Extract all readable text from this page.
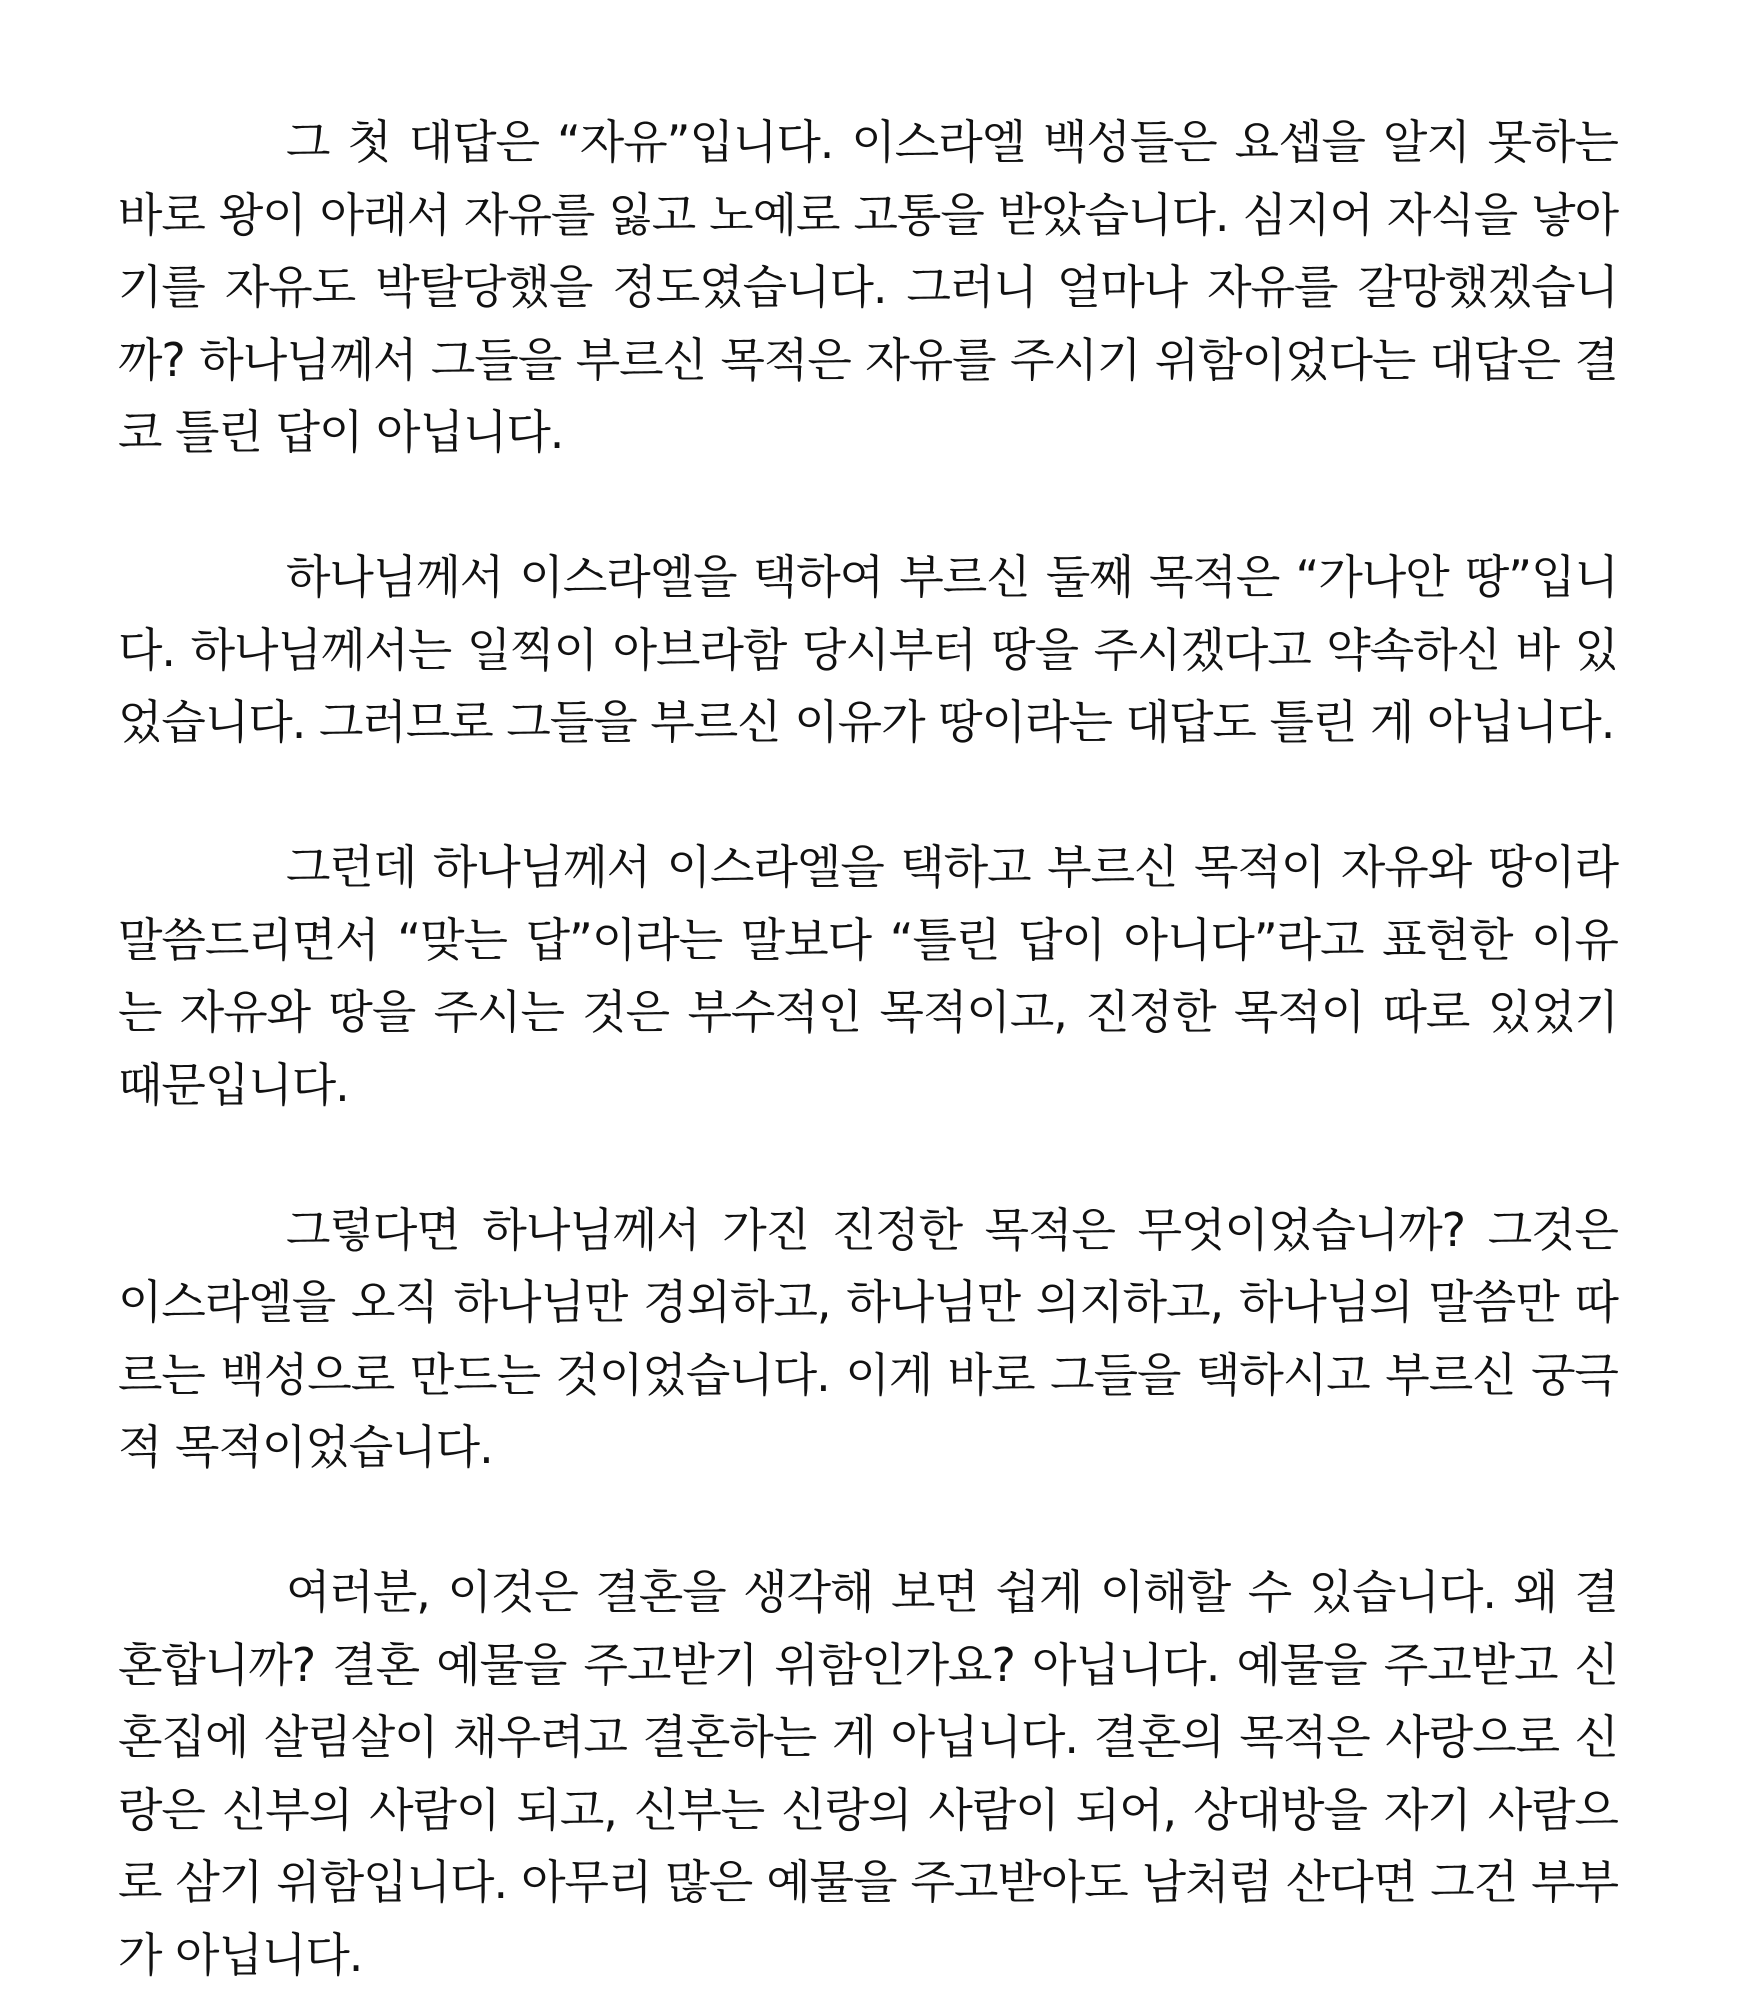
그 첫 대답은 “자유”입니다. 이스라엘 백성들은 요셉을 알지 못하는 바로 왕이 아래서 자유를 잃고 노예로 고통을 받았습니다. 심지어 자식을 낳아 기를 자유도 박탈당했을 정도였습니다. 그러니 얼마나 자유를 갈망했겠습니까? 하나님께서 그들을 부르신 목적은 자유를 주시기 위함이었다는 대답은 결코 틀린 답이 아닙니다.

하나님께서 이스라엘을 택하여 부르신 둘째 목적은 “가나안 땅”입니다. 하나님께서는 일찍이 아브라함 당시부터 땅을 주시겠다고 약속하신 바 있었습니다. 그러므로 그들을 부르신 이유가 땅이라는 대답도 틀린 게 아닙니다.

그런데 하나님께서 이스라엘을 택하고 부르신 목적이 자유와 땅이라 말씀드리면서 “맞는 답”이라는 말보다 “틀린 답이 아니다”라고 표현한 이유는 자유와 땅을 주시는 것은 부수적인 목적이고, 진정한 목적이 따로 있었기 때문입니다.

그렇다면 하나님께서 가진 진정한 목적은 무엇이었습니까? 그것은 이스라엘을 오직 하나님만 경외하고, 하나님만 의지하고, 하나님의 말씀만 따르는 백성으로 만드는 것이었습니다. 이게 바로 그들을 택하시고 부르신 궁극적 목적이었습니다.

여러분, 이것은 결혼을 생각해 보면 쉽게 이해할 수 있습니다. 왜 결혼합니까? 결혼 예물을 주고받기 위함인가요? 아닙니다. 예물을 주고받고 신혼집에 살림살이 채우려고 결혼하는 게 아닙니다. 결혼의 목적은 사랑으로 신랑은 신부의 사람이 되고, 신부는 신랑의 사람이 되어, 상대방을 자기 사람으로 삼기 위함입니다. 아무리 많은 예물을 주고받아도 남처럼 산다면 그건 부부가 아닙니다.
